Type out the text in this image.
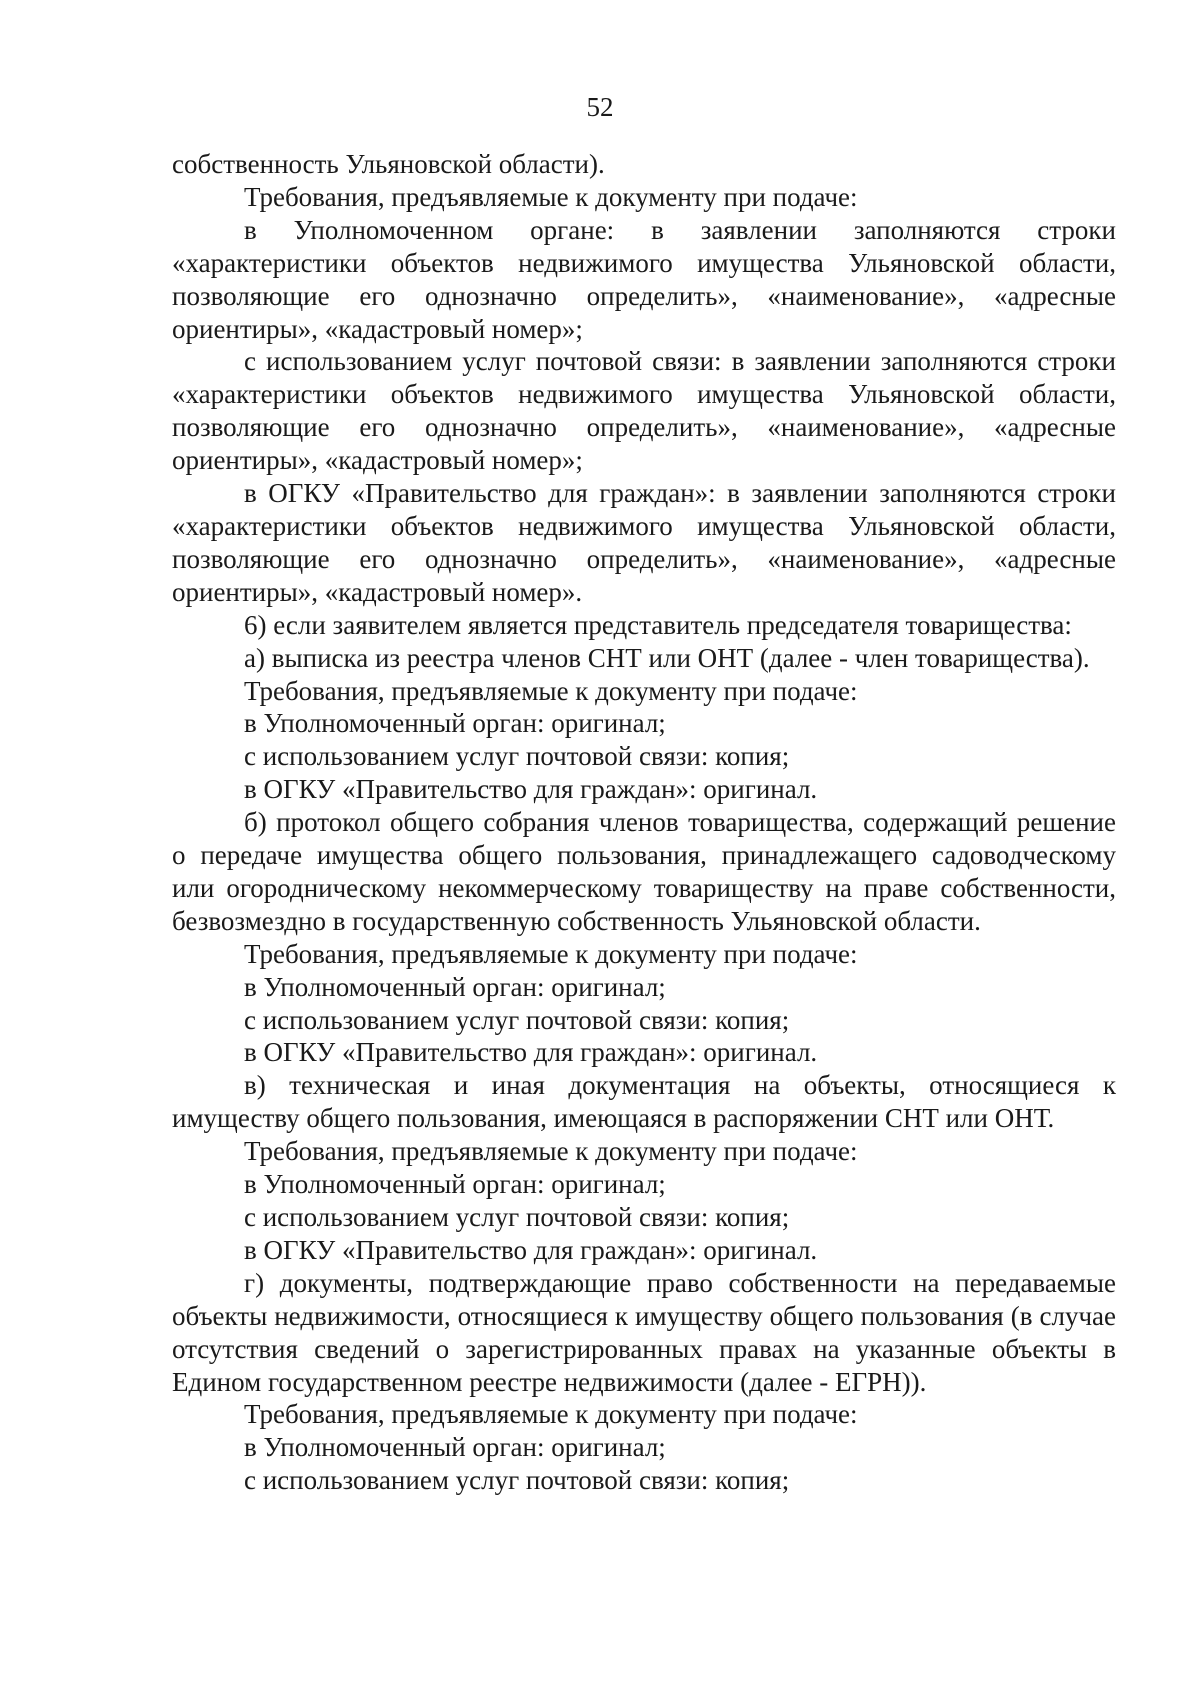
52

собственность Ульяновской области).

Требования, предъявляемые к документу при подаче:

в Уполномоченном органе: в заявлении заполняются строки «характеристики объектов недвижимого имущества Ульяновской области, позволяющие его однозначно определить», «наименование», «адресные ориентиры», «кадастровый номер»;

с использованием услуг почтовой связи: в заявлении заполняются строки «характеристики объектов недвижимого имущества Ульяновской области, позволяющие его однозначно определить», «наименование», «адресные ориентиры», «кадастровый номер»;

в ОГКУ «Правительство для граждан»: в заявлении заполняются строки «характеристики объектов недвижимого имущества Ульяновской области, позволяющие его однозначно определить», «наименование», «адресные ориентиры», «кадастровый номер».

6) если заявителем является представитель председателя товарищества:

а) выписка из реестра членов СНТ или ОНТ (далее - член товарищества).

Требования, предъявляемые к документу при подаче:

в Уполномоченный орган: оригинал;

с использованием услуг почтовой связи: копия;

в ОГКУ «Правительство для граждан»: оригинал.

б) протокол общего собрания членов товарищества, содержащий решение о передаче имущества общего пользования, принадлежащего садоводческому или огородническому некоммерческому товариществу на праве собственности, безвозмездно в государственную собственность Ульяновской области.

Требования, предъявляемые к документу при подаче:

в Уполномоченный орган: оригинал;

с использованием услуг почтовой связи: копия;

в ОГКУ «Правительство для граждан»: оригинал.

в) техническая и иная документация на объекты, относящиеся к имуществу общего пользования, имеющаяся в распоряжении СНТ или ОНТ.

Требования, предъявляемые к документу при подаче:

в Уполномоченный орган: оригинал;

с использованием услуг почтовой связи: копия;

в ОГКУ «Правительство для граждан»: оригинал.

г) документы, подтверждающие право собственности на передаваемые объекты недвижимости, относящиеся к имуществу общего пользования (в случае отсутствия сведений о зарегистрированных правах на указанные объекты в Едином государственном реестре недвижимости (далее - ЕГРН)).

Требования, предъявляемые к документу при подаче:

в Уполномоченный орган: оригинал;

с использованием услуг почтовой связи: копия;
